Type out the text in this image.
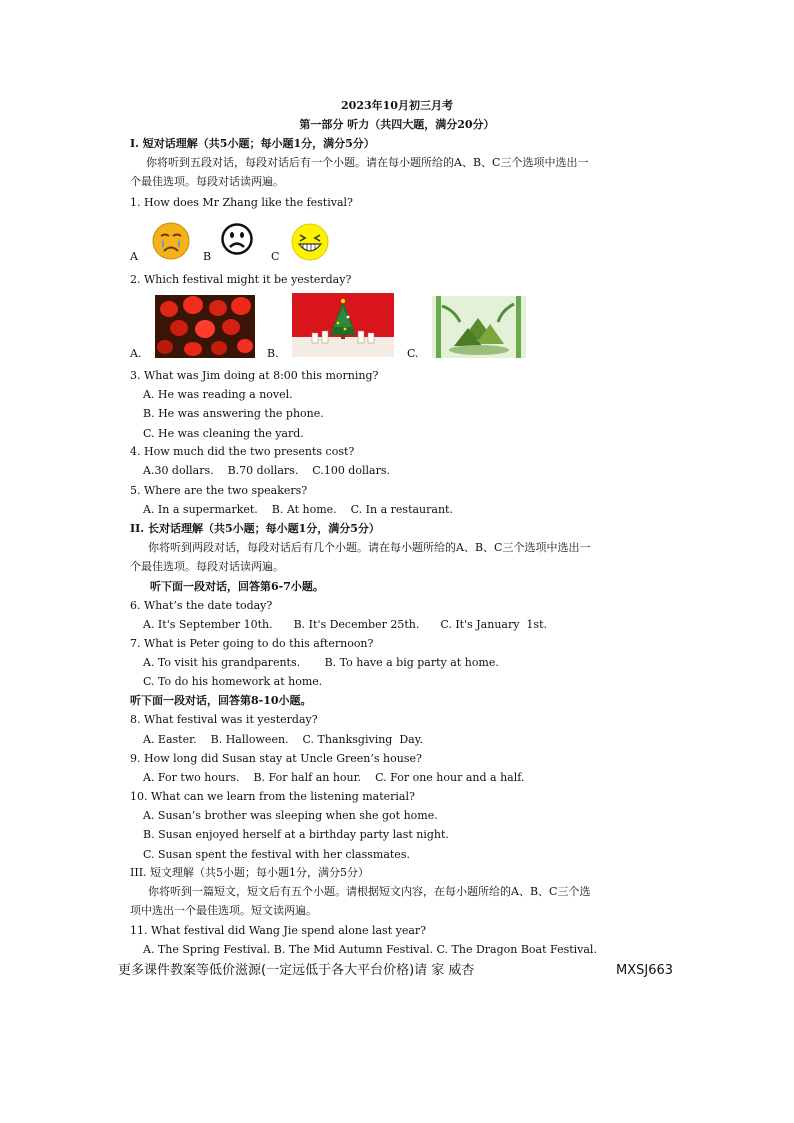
2023年10月初三月考
第一部分 听力（共四大题，满分20分）
I. 短对话理解（共5小题；每小题1分，满分5分）
你将听到五段对话，每段对话后有一个小题。请在每小题所给的A、B、C三个选项中选出一
个最佳选项。每段对话读两遍。
1. How does Mr Zhang like the festival?
A	B	C
2. Which festival might it be yesterday?
A.	B.	C.
3. What was Jim doing at 8:00 this morning?
A. He was reading a novel.
B. He was answering the phone.
C. He was cleaning the yard.
4. How much did the two presents cost?
A.30 dollars.    B.70 dollars.    C.100 dollars.
5. Where are the two speakers?
A. In a supermarket.    B. At home.    C. In a restaurant.
II. 长对话理解（共5小题；每小题1分，满分5分）
你将听到两段对话，每段对话后有几个小题。请在每小题所给的A、B、C三个选项中选出一
个最佳选项。每段对话读两遍。
听下面一段对话，回答第6-7小题。
6. What’s the date today?
A. It's September 10th.      B. It's December 25th.      C. It's January  1st.
7. What is Peter going to do this afternoon?
A. To visit his grandparents.       B. To have a big party at home.
C. To do his homework at home.
听下面一段对话，回答第8-10小题。
8. What festival was it yesterday?
A. Easter.    B. Halloween.    C. Thanksgiving  Day.
9. How long did Susan stay at Uncle Green’s house?
A. For two hours.    B. For half an hour.    C. For one hour and a half.
10. What can we learn from the listening material?
A. Susan’s brother was sleeping when she got home.
B. Susan enjoyed herself at a birthday party last night.
C. Susan spent the festival with her classmates.
III. 短文理解（共5小题；每小题1分，满分5分）
你将听到一篇短文，短文后有五个小题。请根据短文内容，在每小题所给的A、B、C三个选
项中选出一个最佳选项。短文读两遍。
11. What festival did Wang Jie spend alone last year?
A. The Spring Festival. B. The Mid Autumn Festival. C. The Dragon Boat Festival.
更多课件教案等低价滋源(一定远低于各大平台价格)请 家 威杏	MXSJ663
